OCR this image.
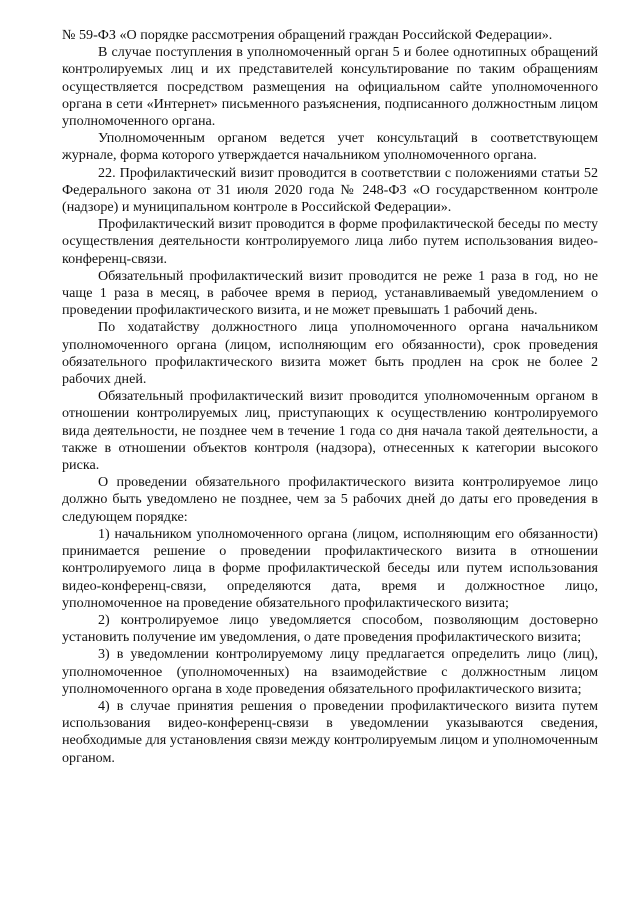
№ 59-ФЗ «О порядке рассмотрения обращений граждан Российской Федерации».

В случае поступления в уполномоченный орган 5 и более однотипных обращений контролируемых лиц и их представителей консультирование по таким обращениям осуществляется посредством размещения на официальном сайте уполномоченного органа в сети «Интернет» письменного разъяснения, подписанного должностным лицом уполномоченного органа.

Уполномоченным органом ведется учет консультаций в соответствующем журнале, форма которого утверждается начальником уполномоченного органа.

22. Профилактический визит проводится в соответствии с положениями статьи 52 Федерального закона от 31 июля 2020 года № 248-ФЗ «О государственном контроле (надзоре) и муниципальном контроле в Российской Федерации».

Профилактический визит проводится в форме профилактической беседы по месту осуществления деятельности контролируемого лица либо путем использования видео-конференц-связи.

Обязательный профилактический визит проводится не реже 1 раза в год, но не чаще 1 раза в месяц, в рабочее время в период, устанавливаемый уведомлением о проведении профилактического визита, и не может превышать 1 рабочий день.

По ходатайству должностного лица уполномоченного органа начальником уполномоченного органа (лицом, исполняющим его обязанности), срок проведения обязательного профилактического визита может быть продлен на срок не более 2 рабочих дней.

Обязательный профилактический визит проводится уполномоченным органом в отношении контролируемых лиц, приступающих к осуществлению контролируемого вида деятельности, не позднее чем в течение 1 года со дня начала такой деятельности, а также в отношении объектов контроля (надзора), отнесенных к категории высокого риска.

О проведении обязательного профилактического визита контролируемое лицо должно быть уведомлено не позднее, чем за 5 рабочих дней до даты его проведения в следующем порядке:

1) начальником уполномоченного органа (лицом, исполняющим его обязанности) принимается решение о проведении профилактического визита в отношении контролируемого лица в форме профилактической беседы или путем использования видео-конференц-связи, определяются дата, время и должностное лицо, уполномоченное на проведение обязательного профилактического визита;

2) контролируемое лицо уведомляется способом, позволяющим достоверно установить получение им уведомления, о дате проведения профилактического визита;

3) в уведомлении контролируемому лицу предлагается определить лицо (лиц), уполномоченное (уполномоченных) на взаимодействие с должностным лицом уполномоченного органа в ходе проведения обязательного профилактического визита;

4) в случае принятия решения о проведении профилактического визита путем использования видео-конференц-связи в уведомлении указываются сведения, необходимые для установления связи между контролируемым лицом и уполномоченным органом.
